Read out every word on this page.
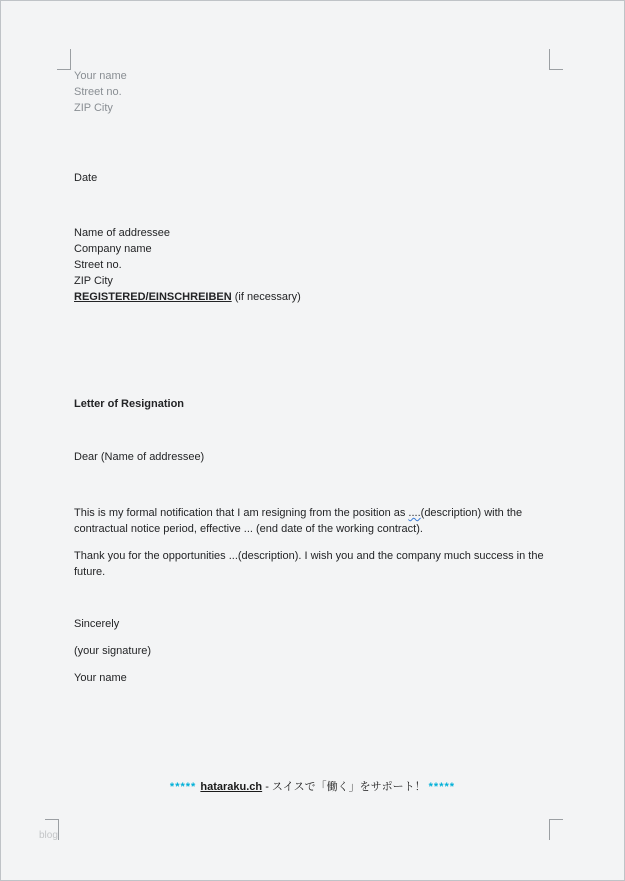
Your name
Street no.
ZIP City
Date
Name of addressee
Company name
Street no.
ZIP City
REGISTERED/EINSCHREIBEN (if necessary)
Letter of Resignation
Dear (Name of addressee)

This is my formal notification that I am resigning from the position as ....(description) with the contractual notice period, effective ... (end date of the working contract).

Thank you for the opportunities ...(description). I wish you and the company much success in the future.

Sincerely
(your signature)
Your name
***** hataraku.ch - スイスで「働く」をサポート！ *****
blog
